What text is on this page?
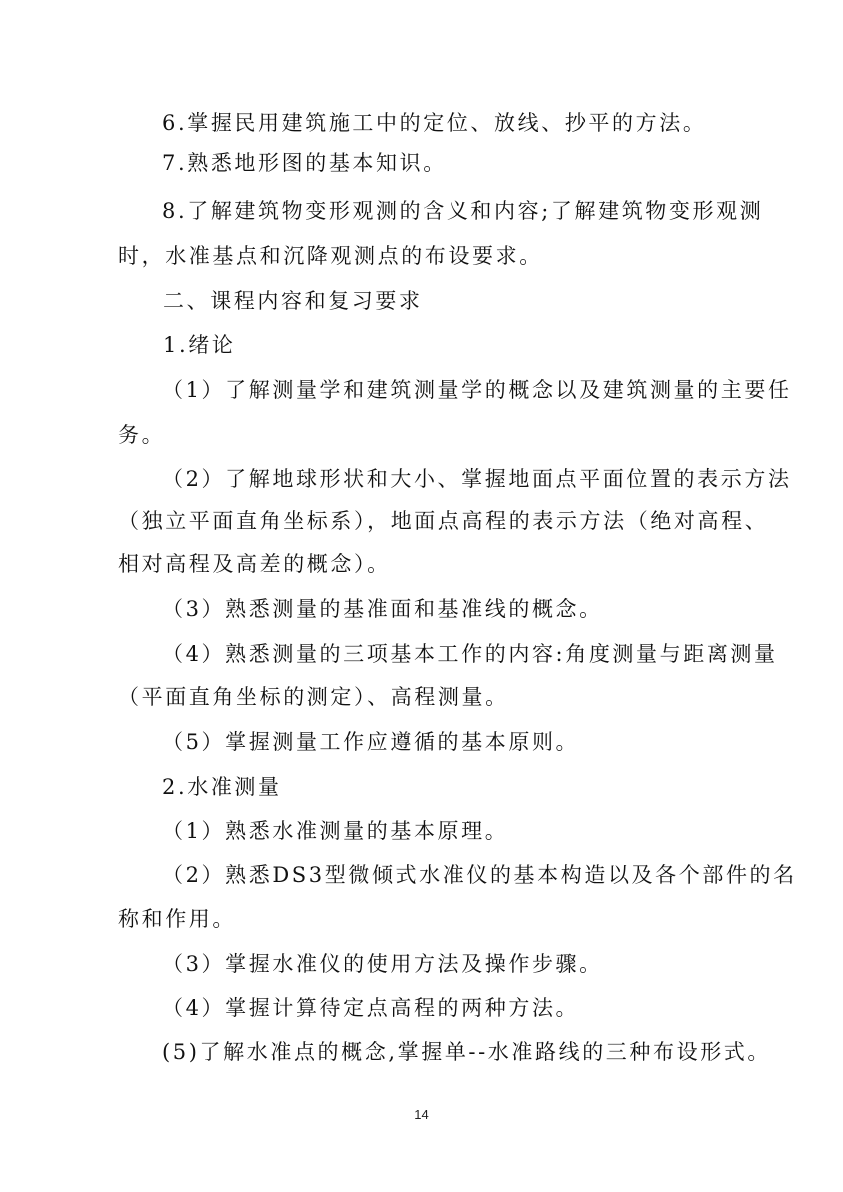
6.掌握民用建筑施工中的定位、放线、抄平的方法。
7.熟悉地形图的基本知识。
8.了解建筑物变形观测的含义和内容;了解建筑物变形观测
时，水准基点和沉降观测点的布设要求。
二、课程内容和复习要求
1.绪论
（1）了解测量学和建筑测量学的概念以及建筑测量的主要任
务。
（2）了解地球形状和大小、掌握地面点平面位置的表示方法
（独立平面直角坐标系），地面点高程的表示方法（绝对高程、
相对高程及高差的概念）。
（3）熟悉测量的基准面和基准线的概念。
（4）熟悉测量的三项基本工作的内容:角度测量与距离测量
（平面直角坐标的测定）、高程测量。
（5）掌握测量工作应遵循的基本原则。
2.水准测量
（1）熟悉水准测量的基本原理。
（2）熟悉DS3型微倾式水准仪的基本构造以及各个部件的名
称和作用。
（3）掌握水准仪的使用方法及操作步骤。
（4）掌握计算待定点高程的两种方法。
(5)了解水准点的概念,掌握单--水准路线的三种布设形式。
14
